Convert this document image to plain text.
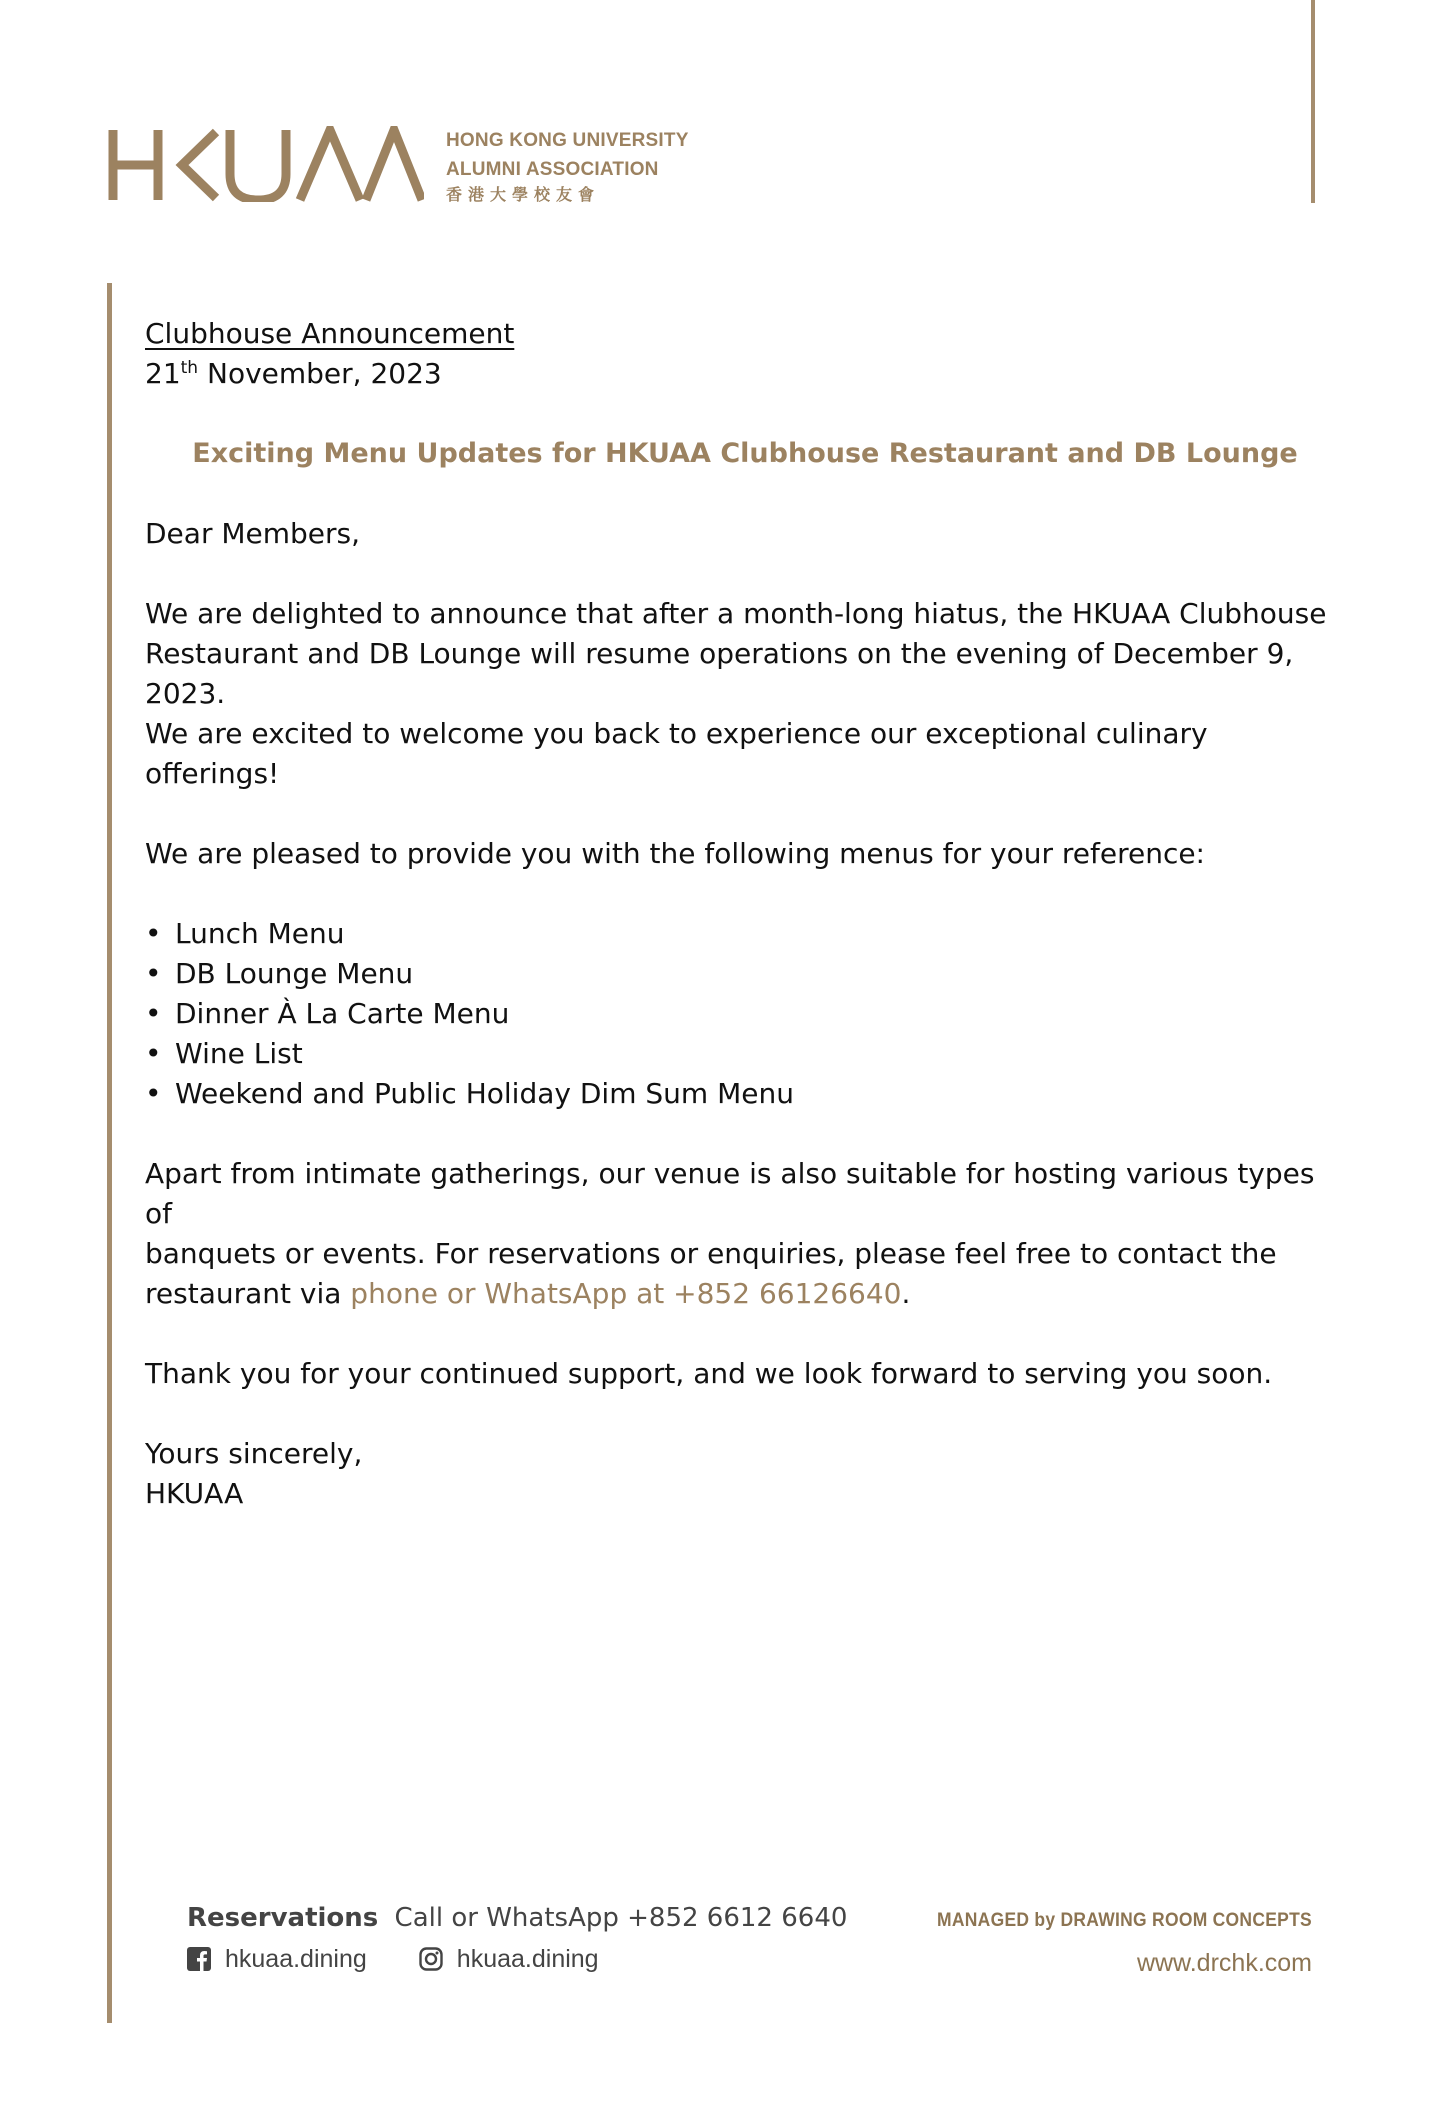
HONG KONG UNIVERSITY
ALUMNI ASSOCIATION
香港大學校友會

Clubhouse Announcement

21th November, 2023

Exciting Menu Updates for HKUAA Clubhouse Restaurant and DB Lounge

Dear Members,

We are delighted to announce that after a month-long hiatus, the HKUAA Clubhouse

Restaurant and DB Lounge will resume operations on the evening of December 9, 2023.

We are excited to welcome you back to experience our exceptional culinary offerings!

We are pleased to provide you with the following menus for your reference:

• Lunch Menu
• DB Lounge Menu
• Dinner À La Carte Menu
• Wine List
• Weekend and Public Holiday Dim Sum Menu

Apart from intimate gatherings, our venue is also suitable for hosting various types of

banquets or events. For reservations or enquiries, please feel free to contact the

restaurant via phone or WhatsApp at +852 66126640.

Thank you for your continued support, and we look forward to serving you soon.

Yours sincerely,

HKUAA

Reservations Call or WhatsApp +852 6612 6640
hkuaa.dining	hkuaa.dining
MANAGED by DRAWING ROOM CONCEPTS
www.drchk.com
